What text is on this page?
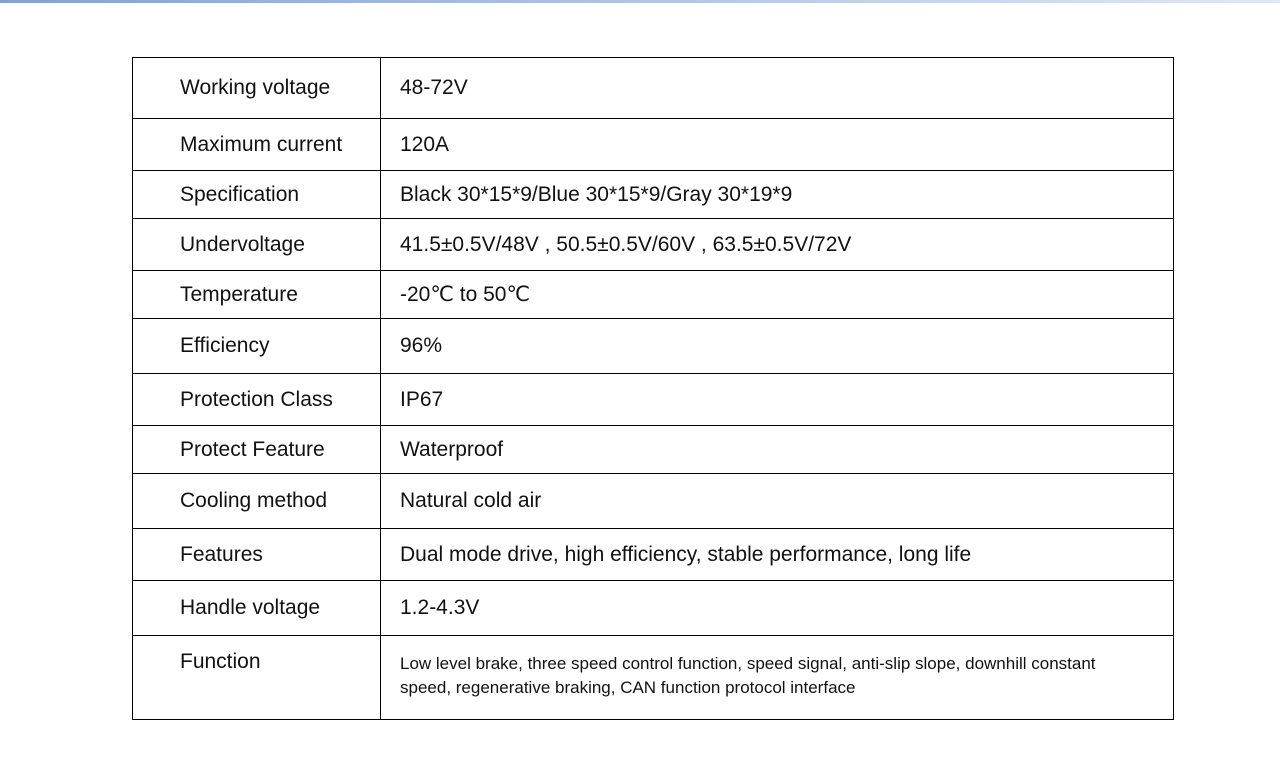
Working voltage	48-72V
Maximum current	120A
Specification	Black 30*15*9/Blue 30*15*9/Gray 30*19*9
Undervoltage	41.5±0.5V/48V , 50.5±0.5V/60V , 63.5±0.5V/72V
Temperature	-20℃ to 50℃
Efficiency	96%
Protection Class	IP67
Protect Feature	Waterproof
Cooling method	Natural cold air
Features	Dual mode drive, high efficiency, stable performance, long life
Handle voltage	1.2-4.3V
Function	Low level brake, three speed control function, speed signal, anti-slip slope, downhill constant speed, regenerative braking, CAN function protocol interface
